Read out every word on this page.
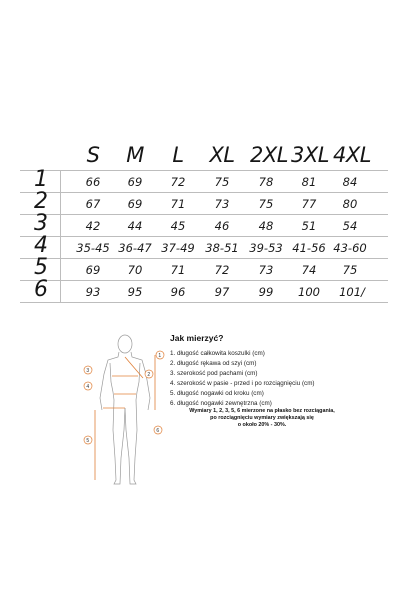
S M L XL 2XL 3XL 4XL
1	66 69 72	75	78 81 84
2	67 69 71	73	75 77 80
3	42 44 45	46	48 51 54
4 35-45 36-47 37-49 38-51 39-53 41-56 43-60
5	69 70 71	72	73 74 75
6	93 95 96	97	99 100 101/
1
2
3
4
5
6
Jak mierzyć?
1. długość całkowita koszulki (cm)
2. długość rękawa od szyi (cm)
3. szerokość pod pachami (cm)
4. szerokość w pasie - przed i po rozciągnięciu (cm)
5. długość nogawki od kroku (cm)
6. długość nogawki zewnętrzna (cm)
Wymiary 1, 2, 3, 5, 6 mierzone na płasko bez rozciągania,
po rozciągnięciu wymiary zwiększają się
o około 20% - 30%.
